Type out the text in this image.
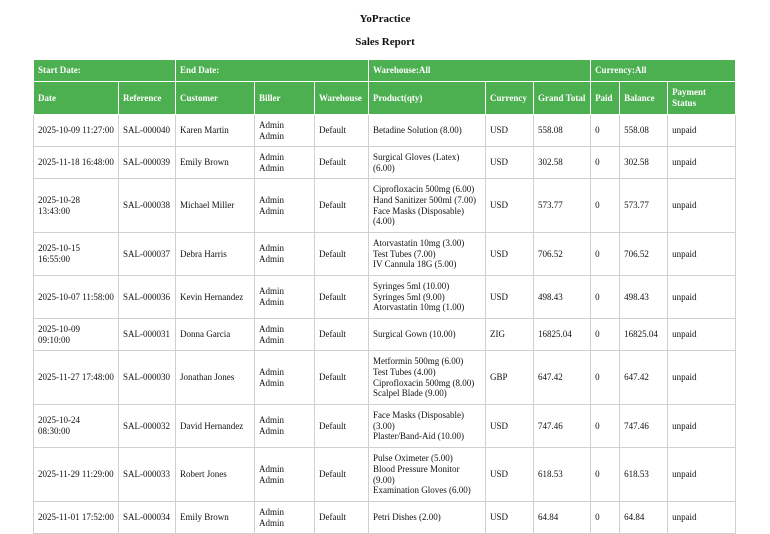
YoPractice
Sales Report
Start Date:		End Date:			Warehouse:All			Currency:All		
Date	Reference	Customer	Biller	Warehouse	Product(qty)	Currency	Grand Total	Paid	Balance	Payment Status
2025-10-09 11:27:00	SAL-000040	Karen Martin	Admin Admin	Default	Betadine Solution (8.00)	USD	558.08	0	558.08	unpaid
2025-11-18 16:48:00	SAL-000039	Emily Brown	Admin Admin	Default	Surgical Gloves (Latex) (6.00)	USD	302.58	0	302.58	unpaid
2025-10-28 13:43:00	SAL-000038	Michael Miller	Admin Admin	Default	Ciprofloxacin 500mg (6.00)
Hand Sanitizer 500ml (7.00)
Face Masks (Disposable) (4.00)	USD	573.77	0	573.77	unpaid
2025-10-15 16:55:00	SAL-000037	Debra Harris	Admin Admin	Default	Atorvastatin 10mg (3.00)
Test Tubes (7.00)
IV Cannula 18G (5.00)	USD	706.52	0	706.52	unpaid
2025-10-07 11:58:00	SAL-000036	Kevin Hernandez	Admin Admin	Default	Syringes 5ml (10.00)
Syringes 5ml (9.00)
Atorvastatin 10mg (1.00)	USD	498.43	0	498.43	unpaid
2025-10-09 09:10:00	SAL-000031	Donna Garcia	Admin Admin	Default	Surgical Gown (10.00)	ZIG	16825.04	0	16825.04	unpaid
2025-11-27 17:48:00	SAL-000030	Jonathan Jones	Admin Admin	Default	Metformin 500mg (6.00)
Test Tubes (4.00)
Ciprofloxacin 500mg (8.00)
Scalpel Blade (9.00)	GBP	647.42	0	647.42	unpaid
2025-10-24 08:30:00	SAL-000032	David Hernandez	Admin Admin	Default	Face Masks (Disposable) (3.00)
Plaster/Band-Aid (10.00)	USD	747.46	0	747.46	unpaid
2025-11-29 11:29:00	SAL-000033	Robert Jones	Admin Admin	Default	Pulse Oximeter (5.00)
Blood Pressure Monitor (9.00)
Examination Gloves (6.00)	USD	618.53	0	618.53	unpaid
2025-11-01 17:52:00	SAL-000034	Emily Brown	Admin Admin	Default	Petri Dishes (2.00)	USD	64.84	0	64.84	unpaid
